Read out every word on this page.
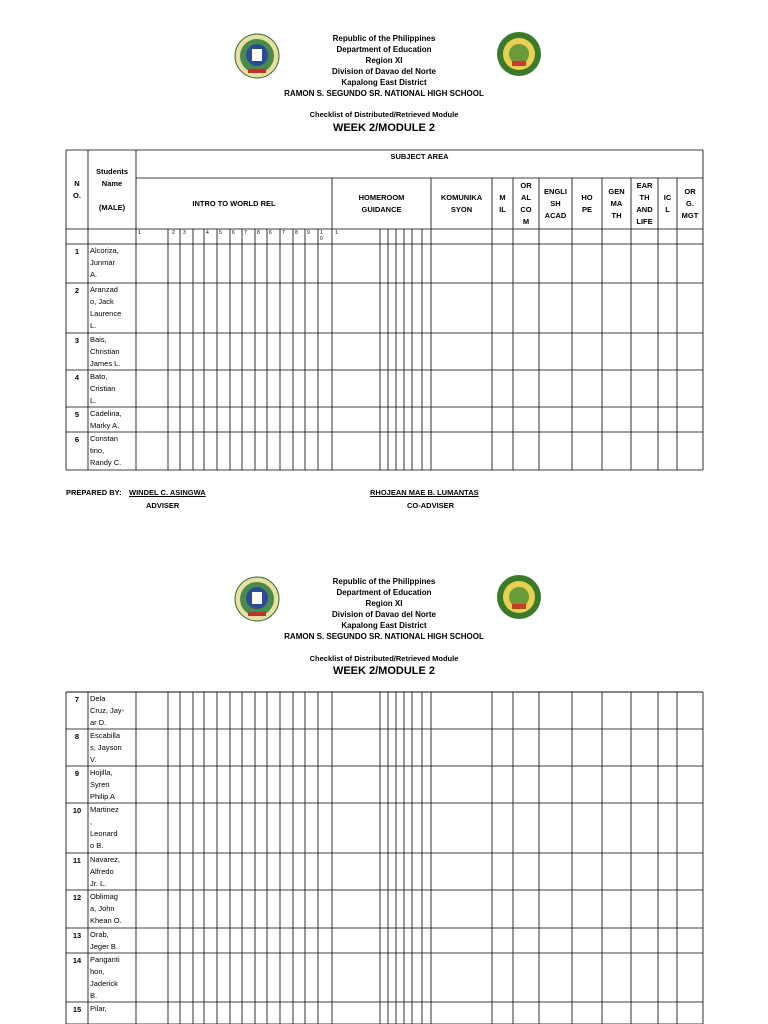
Republic of the Philippines
Department of Education
Region XI
Division of Davao del Norte
Kapalong East District
RAMON S. SEGUNDO SR. NATIONAL HIGH SCHOOL
Checklist of Distributed/Retrieved Module
WEEK 2/MODULE 2
N
O.
Students
Name

(MALE)
SUBJECT AREA
INTRO TO WORLD REL
HOMEROOM
GUIDANCE
KOMUNIKA
SYON
M
IL
OR
AL
CO
M
ENGLI
SH
ACAD
HO
PE
GEN
MA
TH
EAR
TH
AND
LIFE
IC
L
OR
G.
MGT
1	2 3	4 5 6 7 8 6 7 8 9 1
0
1
1	Alcoriza,
Junmar
A.
2	Aranzad
o, Jack
Laurence
L.
3	Bais,
Christian
James L.
4	Bato,
Cristian
L.
5	Cadelina,
Marky A.
6	Constan
tino,
Randy C.
PREPARED BY: WINDEL C. ASINGWA
ADVISER
RHOJEAN MAE B. LUMANTAS
CO-ADVISER
Republic of the Philippines
Department of Education
Region XI
Division of Davao del Norte
Kapalong East District
RAMON S. SEGUNDO SR. NATIONAL HIGH SCHOOL
Checklist of Distributed/Retrieved Module
WEEK 2/MODULE 2
7	Dela
Cruz, Jay-
ar D.
8	Escabilla
s, Jayson
V.
9	Hojilla,
Syren
Philip A
10	Martinez
,
Leonard
o B.
11	Navarez,
Alfredo
Jr. L.
12	Oblimag
a, John
Khean O.
13	Orab,
Jeger B.
14	Panganti
hon,
Jaderick
B.
15	Pilar,
